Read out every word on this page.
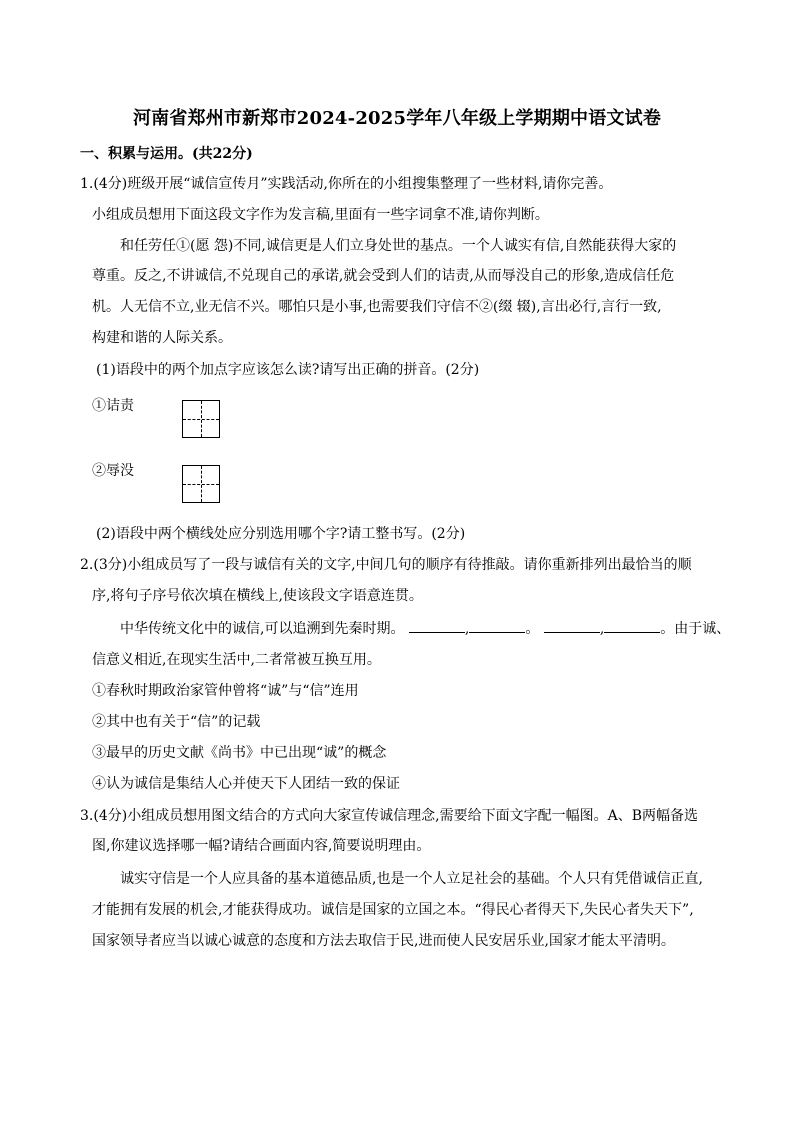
河南省郑州市新郑市2024-2025学年八年级上学期期中语文试卷
一、积累与运用。(共22分)
1.(4分)班级开展“诚信宣传月”实践活动,你所在的小组搜集整理了一些材料,请你完善。
小组成员想用下面这段文字作为发言稿,里面有一些字词拿不准,请你判断。
和任劳任①(愿 怨)不同,诚信更是人们立身处世的基点。一个人诚实有信,自然能获得大家的
尊重。反之,不讲诚信,不兑现自己的承诺,就会受到人们的诘责,从而辱没自己的形象,造成信任危
机。人无信不立,业无信不兴。哪怕只是小事,也需要我们守信不②(缀 辍),言出必行,言行一致,
构建和谐的人际关系。
(1)语段中的两个加点字应该怎么读?请写出正确的拼音。(2分)
①诘责
②辱没
(2)语段中两个横线处应分别选用哪个字?请工整书写。(2分)
2.(3分)小组成员写了一段与诚信有关的文字,中间几句的顺序有待推敲。请你重新排列出最恰当的顺
序,将句子序号依次填在横线上,使该段文字语意连贯。
中华传统文化中的诚信,可以追溯到先秦时期。	,	。	,	。由于诚、
信意义相近,在现实生活中,二者常被互换互用。
①春秋时期政治家管仲曾将“诚”与“信”连用
②其中也有关于“信”的记载
③最早的历史文献《尚书》中已出现“诚”的概念
④认为诚信是集结人心并使天下人团结一致的保证
3.(4分)小组成员想用图文结合的方式向大家宣传诚信理念,需要给下面文字配一幅图。A、B两幅备选
图,你建议选择哪一幅?请结合画面内容,简要说明理由。
诚实守信是一个人应具备的基本道德品质,也是一个人立足社会的基础。个人只有凭借诚信正直,
才能拥有发展的机会,才能获得成功。诚信是国家的立国之本。“得民心者得天下,失民心者失天下”,
国家领导者应当以诚心诚意的态度和方法去取信于民,进而使人民安居乐业,国家才能太平清明。
